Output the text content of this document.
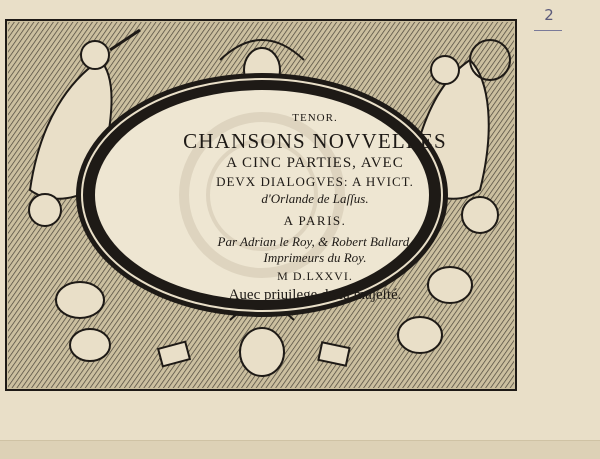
TENOR.
CHANSONS NOVVELLES
A CINC PARTIES, AVEC
DEVX DIALOGVES: A HVICT.
d'Orlande de Laſſus.
A PARIS.
Par Adrian le Roy, & Robert Ballard.
Imprimeurs du Roy.
M D.LXXVI.
Auec priuilege de ſa majeſté.
2
